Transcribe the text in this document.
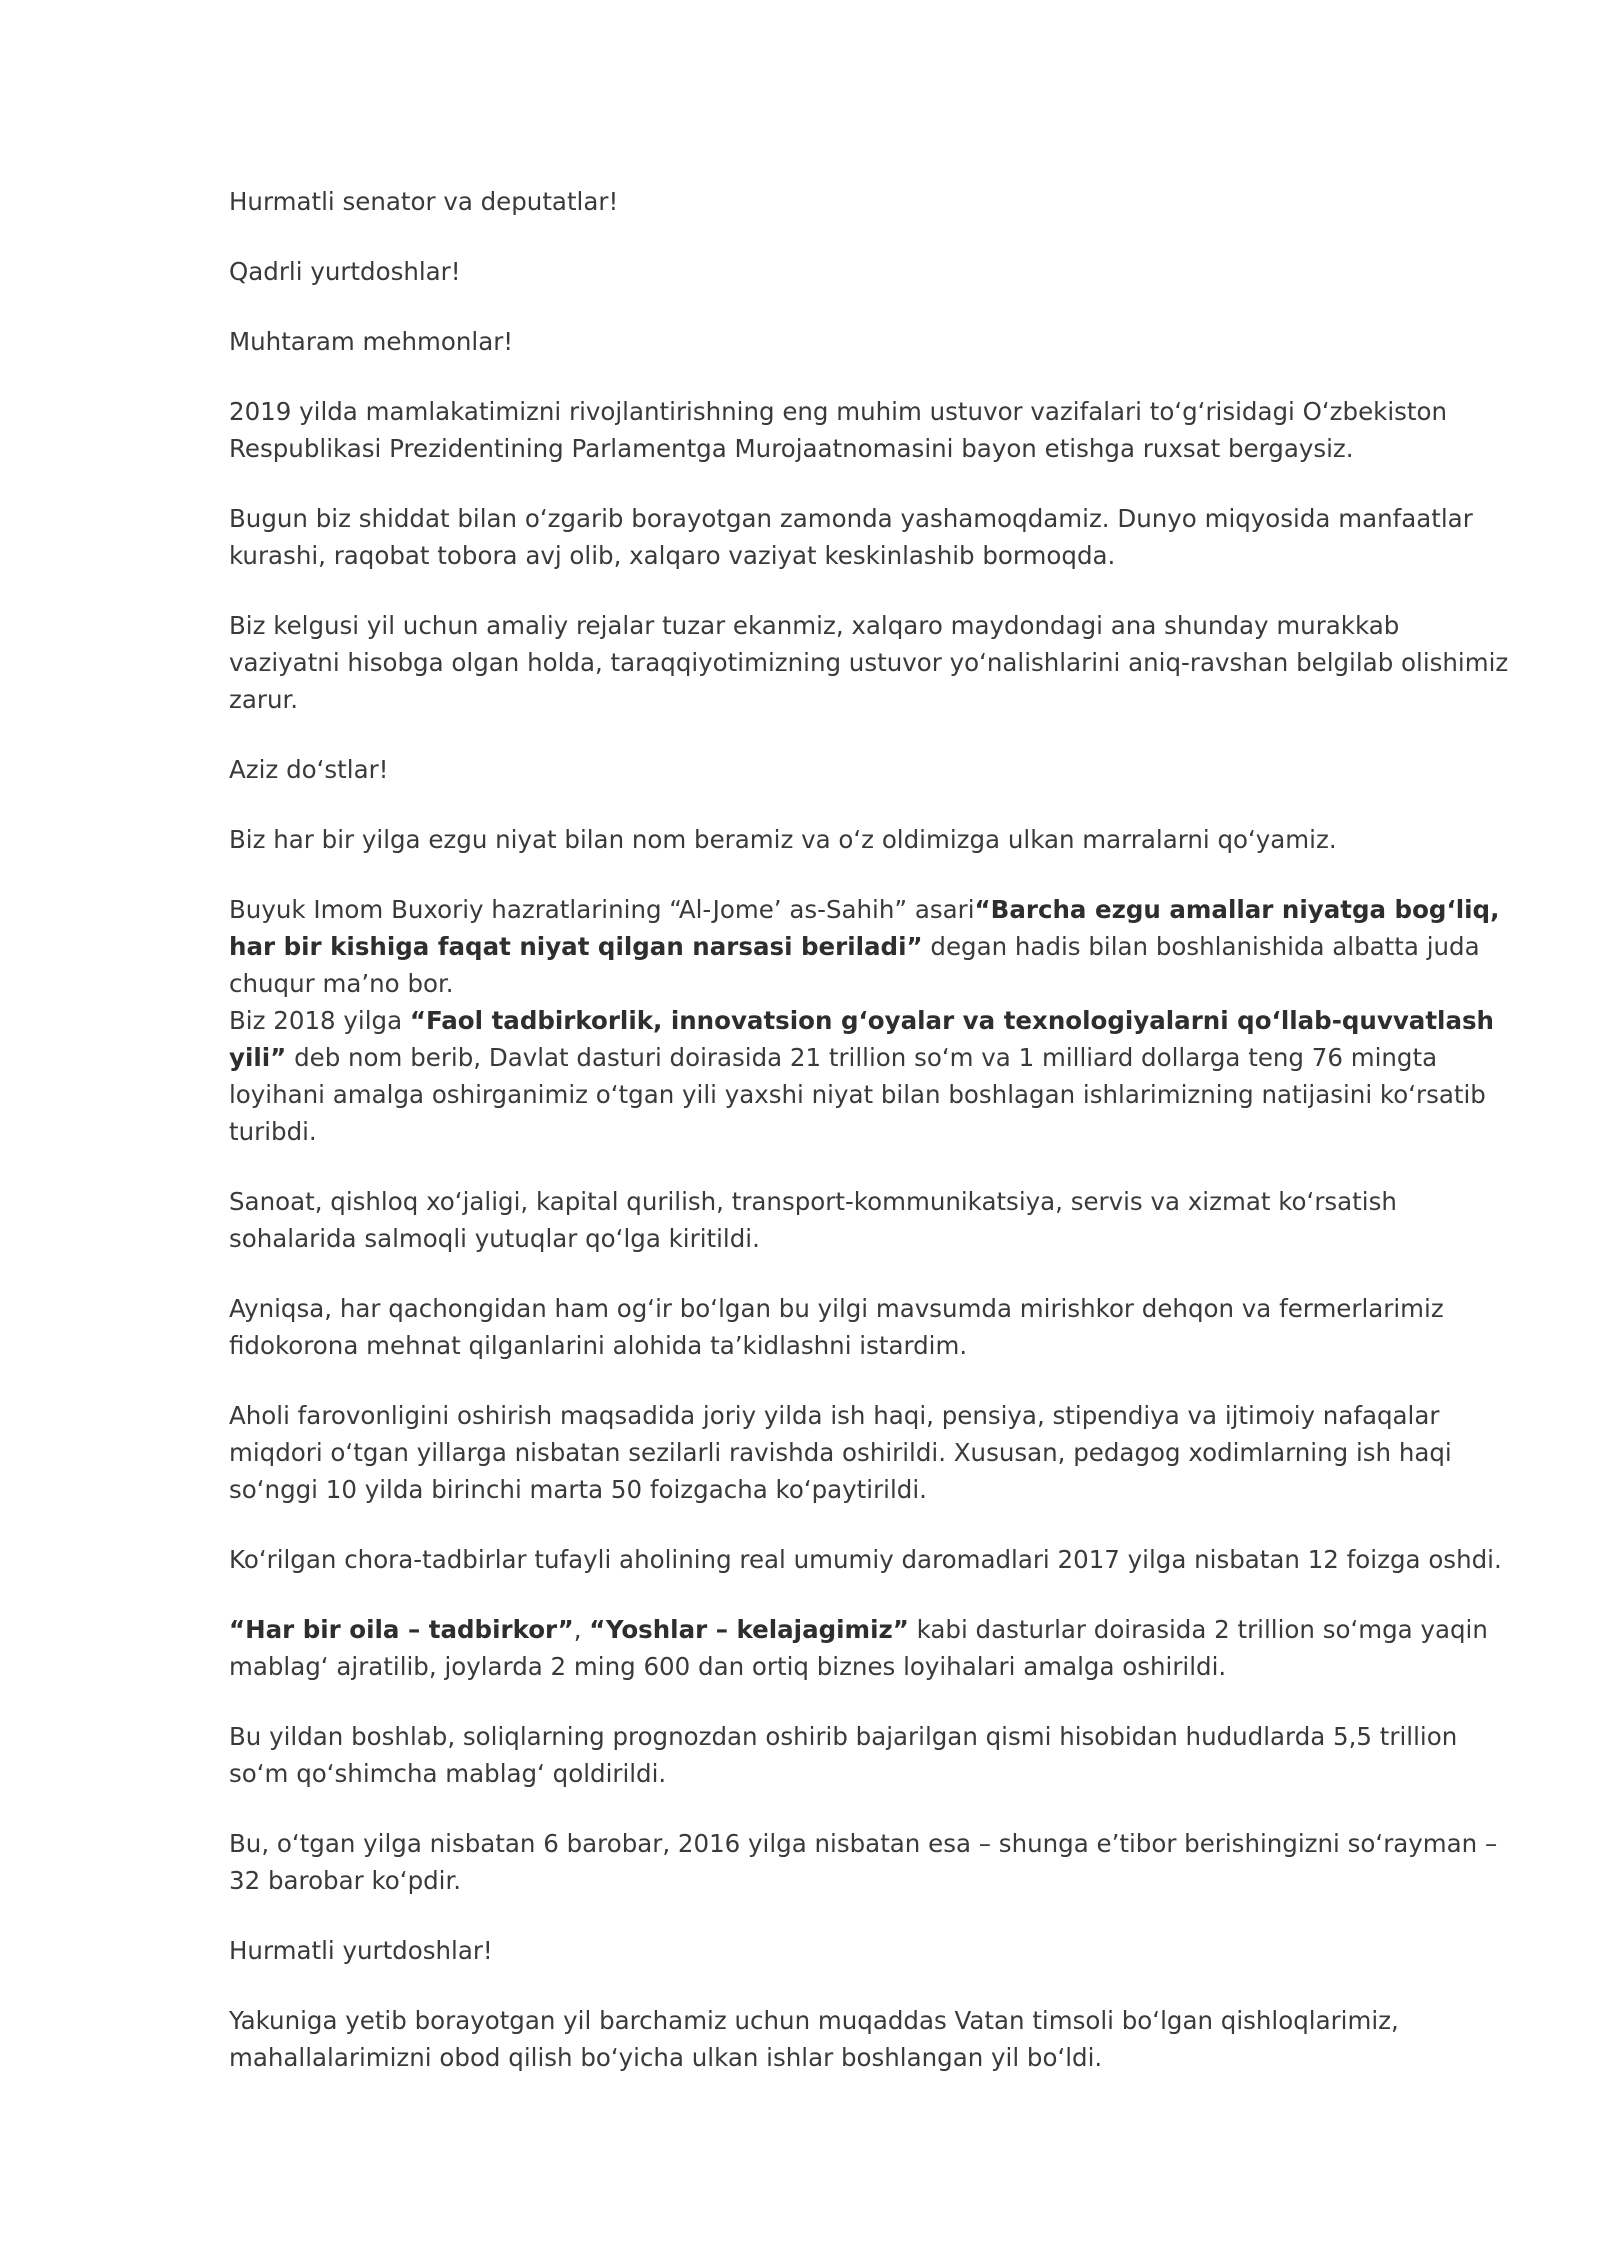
Hurmatli senator va deputatlar!

Qadrli yurtdoshlar!

Muhtaram mehmonlar!

2019 yilda mamlakatimizni rivojlantirishning eng muhim ustuvor vazifalari to‘g‘risidagi O‘zbekiston Respublikasi Prezidentining Parlamentga Murojaatnomasini bayon etishga ruxsat bergaysiz.

Bugun biz shiddat bilan o‘zgarib borayotgan zamonda yashamoqdamiz. Dunyo miqyosida manfaatlar kurashi, raqobat tobora avj olib, xalqaro vaziyat keskinlashib bormoqda.

Biz kelgusi yil uchun amaliy rejalar tuzar ekanmiz, xalqaro maydondagi ana shunday murakkab vaziyatni hisobga olgan holda, taraqqiyotimizning ustuvor yo‘nalishlarini aniq-ravshan belgilab olishimiz zarur.

Aziz do‘stlar!

Biz har bir yilga ezgu niyat bilan nom beramiz va o‘z oldimizga ulkan marralarni qo‘yamiz.

Buyuk Imom Buxoriy hazratlarining “Al-Jome’ as-Sahih” asari“Barcha ezgu amallar niyatga bog‘liq, har bir kishiga faqat niyat qilgan narsasi beriladi” degan hadis bilan boshlanishida albatta juda chuqur ma’no bor.

Biz 2018 yilga “Faol tadbirkorlik, innovatsion g‘oyalar va texnologiyalarni qo‘llab-quvvatlash yili” deb nom berib, Davlat dasturi doirasida 21 trillion so‘m va 1 milliard dollarga teng 76 mingta loyihani amalga oshirganimiz o‘tgan yili yaxshi niyat bilan boshlagan ishlarimizning natijasini ko‘rsatib turibdi.

Sanoat, qishloq xo‘jaligi, kapital qurilish, transport-kommunikatsiya, servis va xizmat ko‘rsatish sohalarida salmoqli yutuqlar qo‘lga kiritildi.

Ayniqsa, har qachongidan ham og‘ir bo‘lgan bu yilgi mavsumda mirishkor dehqon va fermerlarimiz fidokorona mehnat qilganlarini alohida ta’kidlashni istardim.

Aholi farovonligini oshirish maqsadida joriy yilda ish haqi, pensiya, stipendiya va ijtimoiy nafaqalar miqdori o‘tgan yillarga nisbatan sezilarli ravishda oshirildi. Xususan, pedagog xodimlarning ish haqi so‘nggi 10 yilda birinchi marta 50 foizgacha ko‘paytirildi.

Ko‘rilgan chora-tadbirlar tufayli aholining real umumiy daromadlari 2017 yilga nisbatan 12 foizga oshdi.

“Har bir oila – tadbirkor”, “Yoshlar – kelajagimiz” kabi dasturlar doirasida 2 trillion so‘mga yaqin mablag‘ ajratilib, joylarda 2 ming 600 dan ortiq biznes loyihalari amalga oshirildi.

Bu yildan boshlab, soliqlarning prognozdan oshirib bajarilgan qismi hisobidan hududlarda 5,5 trillion so‘m qo‘shimcha mablag‘ qoldirildi.

Bu, o‘tgan yilga nisbatan 6 barobar, 2016 yilga nisbatan esa – shunga e’tibor berishingizni so‘rayman – 32 barobar ko‘pdir.

Hurmatli yurtdoshlar!

Yakuniga yetib borayotgan yil barchamiz uchun muqaddas Vatan timsoli bo‘lgan qishloqlarimiz, mahallalarimizni obod qilish bo‘yicha ulkan ishlar boshlangan yil bo‘ldi.
